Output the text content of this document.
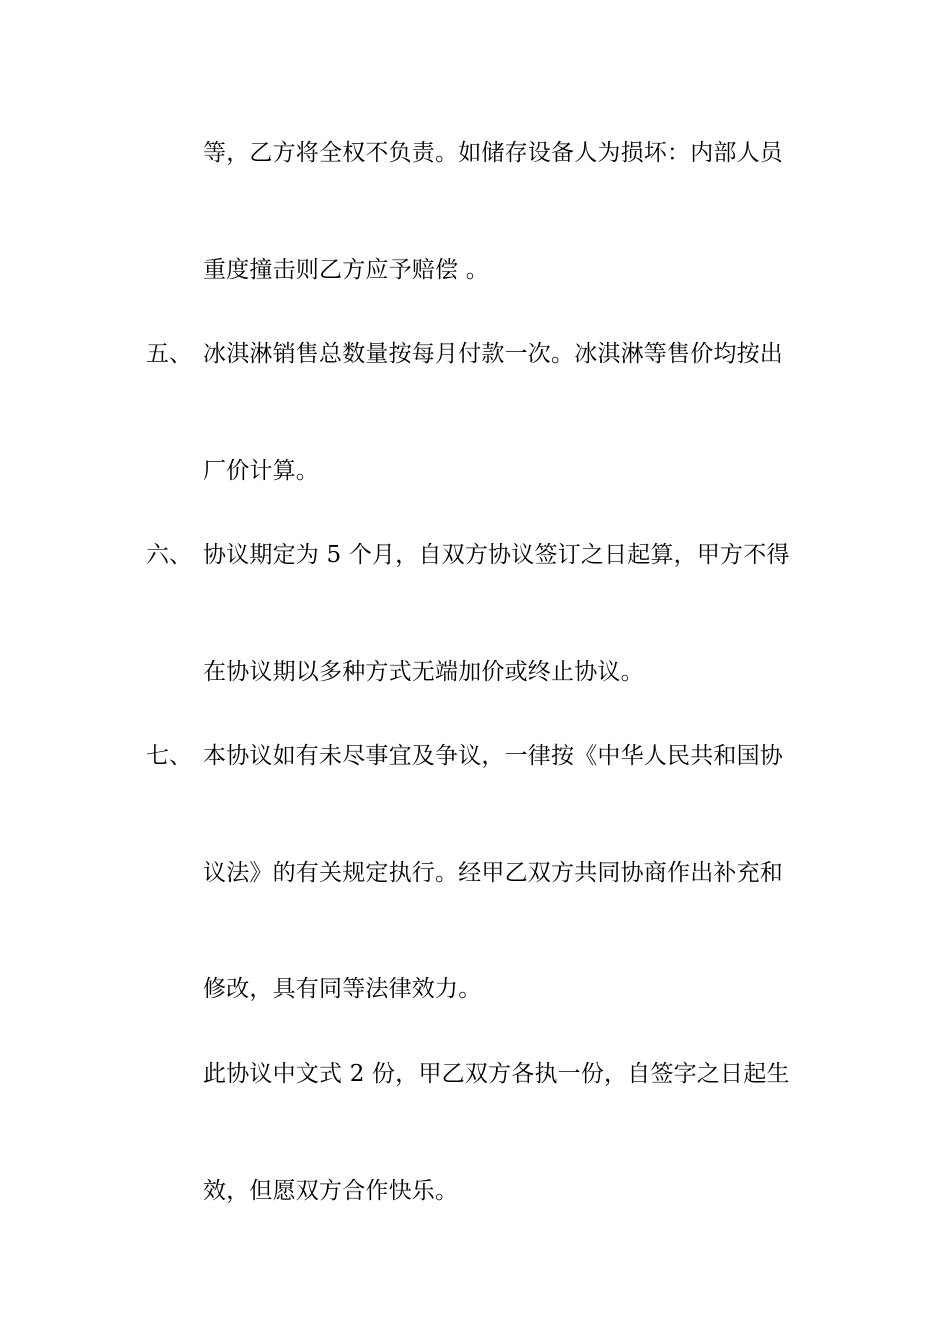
等，乙方将全权不负责。如储存设备人为损坏：内部人员
重度撞击则乙方应予赔偿 。
五、 冰淇淋销售总数量按每月付款一次。冰淇淋等售价均按出
厂价计算。
六、 协议期定为 5 个月，自双方协议签订之日起算，甲方不得
在协议期以多种方式无端加价或终止协议。
七、 本协议如有未尽事宜及争议，一律按《中华人民共和国协
议法》的有关规定执行。经甲乙双方共同协商作出补充和
修改，具有同等法律效力。
此协议中文式 2 份，甲乙双方各执一份，自签字之日起生
效，但愿双方合作快乐。
